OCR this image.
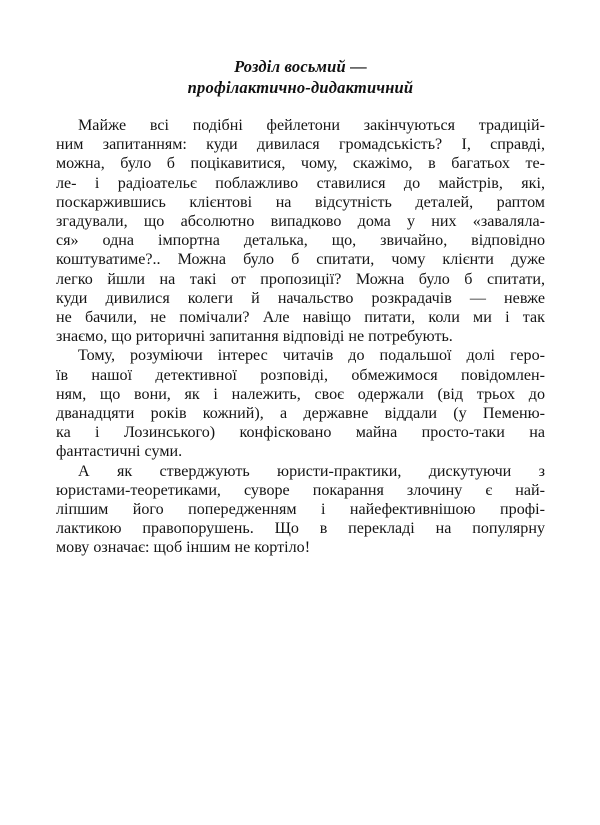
Розділ восьмий —
профілактично-дидактичний

Майже всі подібні фейлетони закінчуються традицій-
ним запитанням: куди дивилася громадськість? І, справді,
можна, було б поцікавитися, чому, скажімо, в багатьох те-
ле- і радіоательє поблажливо ставилися до майстрів, які,
поскаржившись клієнтові на відсутність деталей, раптом
згадували, що абсолютно випадково дома у них «заваляла-
ся» одна імпортна деталька, що, звичайно, відповідно
коштуватиме?.. Можна було б спитати, чому клієнти дуже
легко йшли на такі от пропозиції? Можна було б спитати,
куди дивилися колеги й начальство розкрадачів — невже
не бачили, не помічали? Але навіщо питати, коли ми і так
знаємо, що риторичні запитання відповіді не потребують.

Тому, розуміючи інтерес читачів до подальшої долі геро-
їв нашої детективної розповіді, обмежимося повідомлен-
ням, що вони, як і належить, своє одержали (від трьох до
дванадцяти років кожний), а державне віддали (у Пеменю-
ка і Лозинського) конфісковано майна просто-таки на
фантастичні суми.

А як стверджують юристи-практики, дискутуючи з
юристами-теоретиками, суворе покарання злочину є най-
ліпшим його попередженням і найефективнішою профі-
лактикою правопорушень. Що в перекладі на популярну
мову означає: щоб іншим не кортіло!
